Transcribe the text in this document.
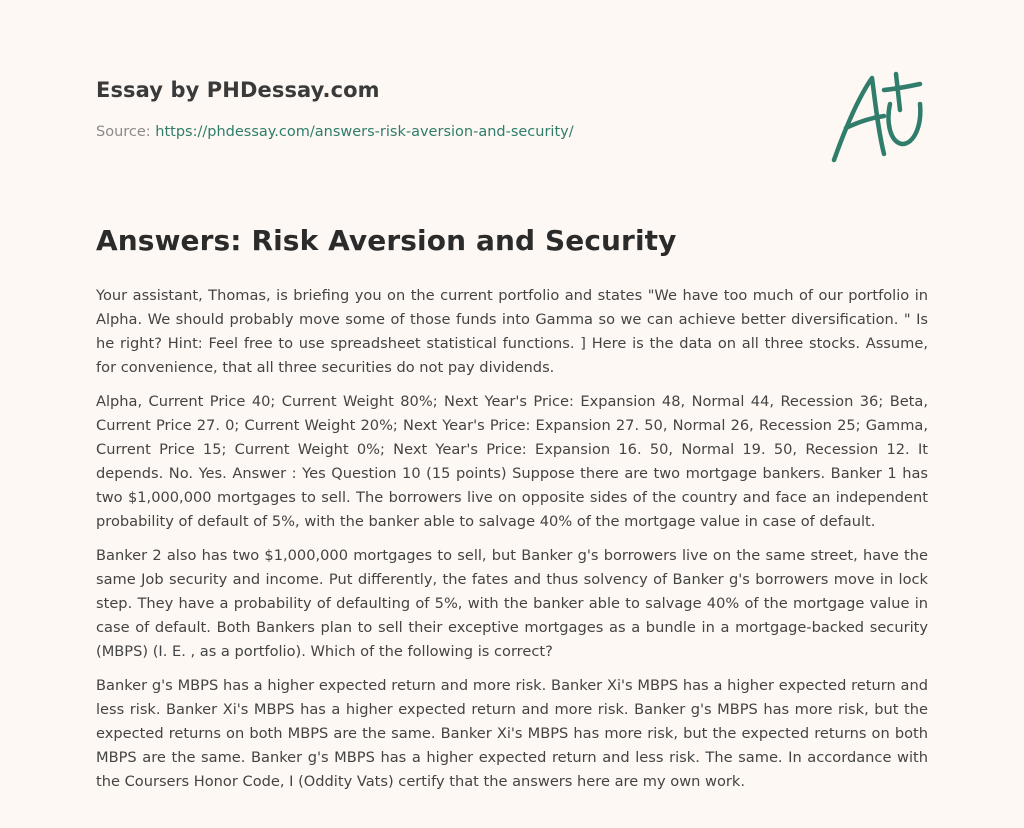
Essay by PHDessay.com
Source: https://phdessay.com/answers-risk-aversion-and-security/
Answers: Risk Aversion and Security

Your assistant, Thomas, is briefing you on the current portfolio and states "We have too much of our portfolio in Alpha. We should probably move some of those funds into Gamma so we can achieve better diversification. " Is he right? Hint: Feel free to use spreadsheet statistical functions. ] Here is the data on all three stocks. Assume, for convenience, that all three securities do not pay dividends.

Alpha, Current Price 40; Current Weight 80%; Next Year's Price: Expansion 48, Normal 44, Recession 36; Beta, Current Price 27. 0; Current Weight 20%; Next Year's Price: Expansion 27. 50, Normal 26, Recession 25; Gamma, Current Price 15; Current Weight 0%; Next Year's Price: Expansion 16. 50, Normal 19. 50, Recession 12. It depends. No. Yes. Answer : Yes Question 10 (15 points) Suppose there are two mortgage bankers. Banker 1 has two $1,000,000 mortgages to sell. The borrowers live on opposite sides of the country and face an independent probability of default of 5%, with the banker able to salvage 40% of the mortgage value in case of default.

Banker 2 also has two $1,000,000 mortgages to sell, but Banker g's borrowers live on the same street, have the same Job security and income. Put differently, the fates and thus solvency of Banker g's borrowers move in lock step. They have a probability of defaulting of 5%, with the banker able to salvage 40% of the mortgage value in case of default. Both Bankers plan to sell their exceptive mortgages as a bundle in a mortgage-backed security (MBPS) (I. E. , as a portfolio). Which of the following is correct?

Banker g's MBPS has a higher expected return and more risk. Banker Xi's MBPS has a higher expected return and less risk. Banker Xi's MBPS has a higher expected return and more risk. Banker g's MBPS has more risk, but the expected returns on both MBPS are the same. Banker Xi's MBPS has more risk, but the expected returns on both MBPS are the same. Banker g's MBPS has a higher expected return and less risk. The same. In accordance with the Coursers Honor Code, I (Oddity Vats) certify that the answers here are my own work.
